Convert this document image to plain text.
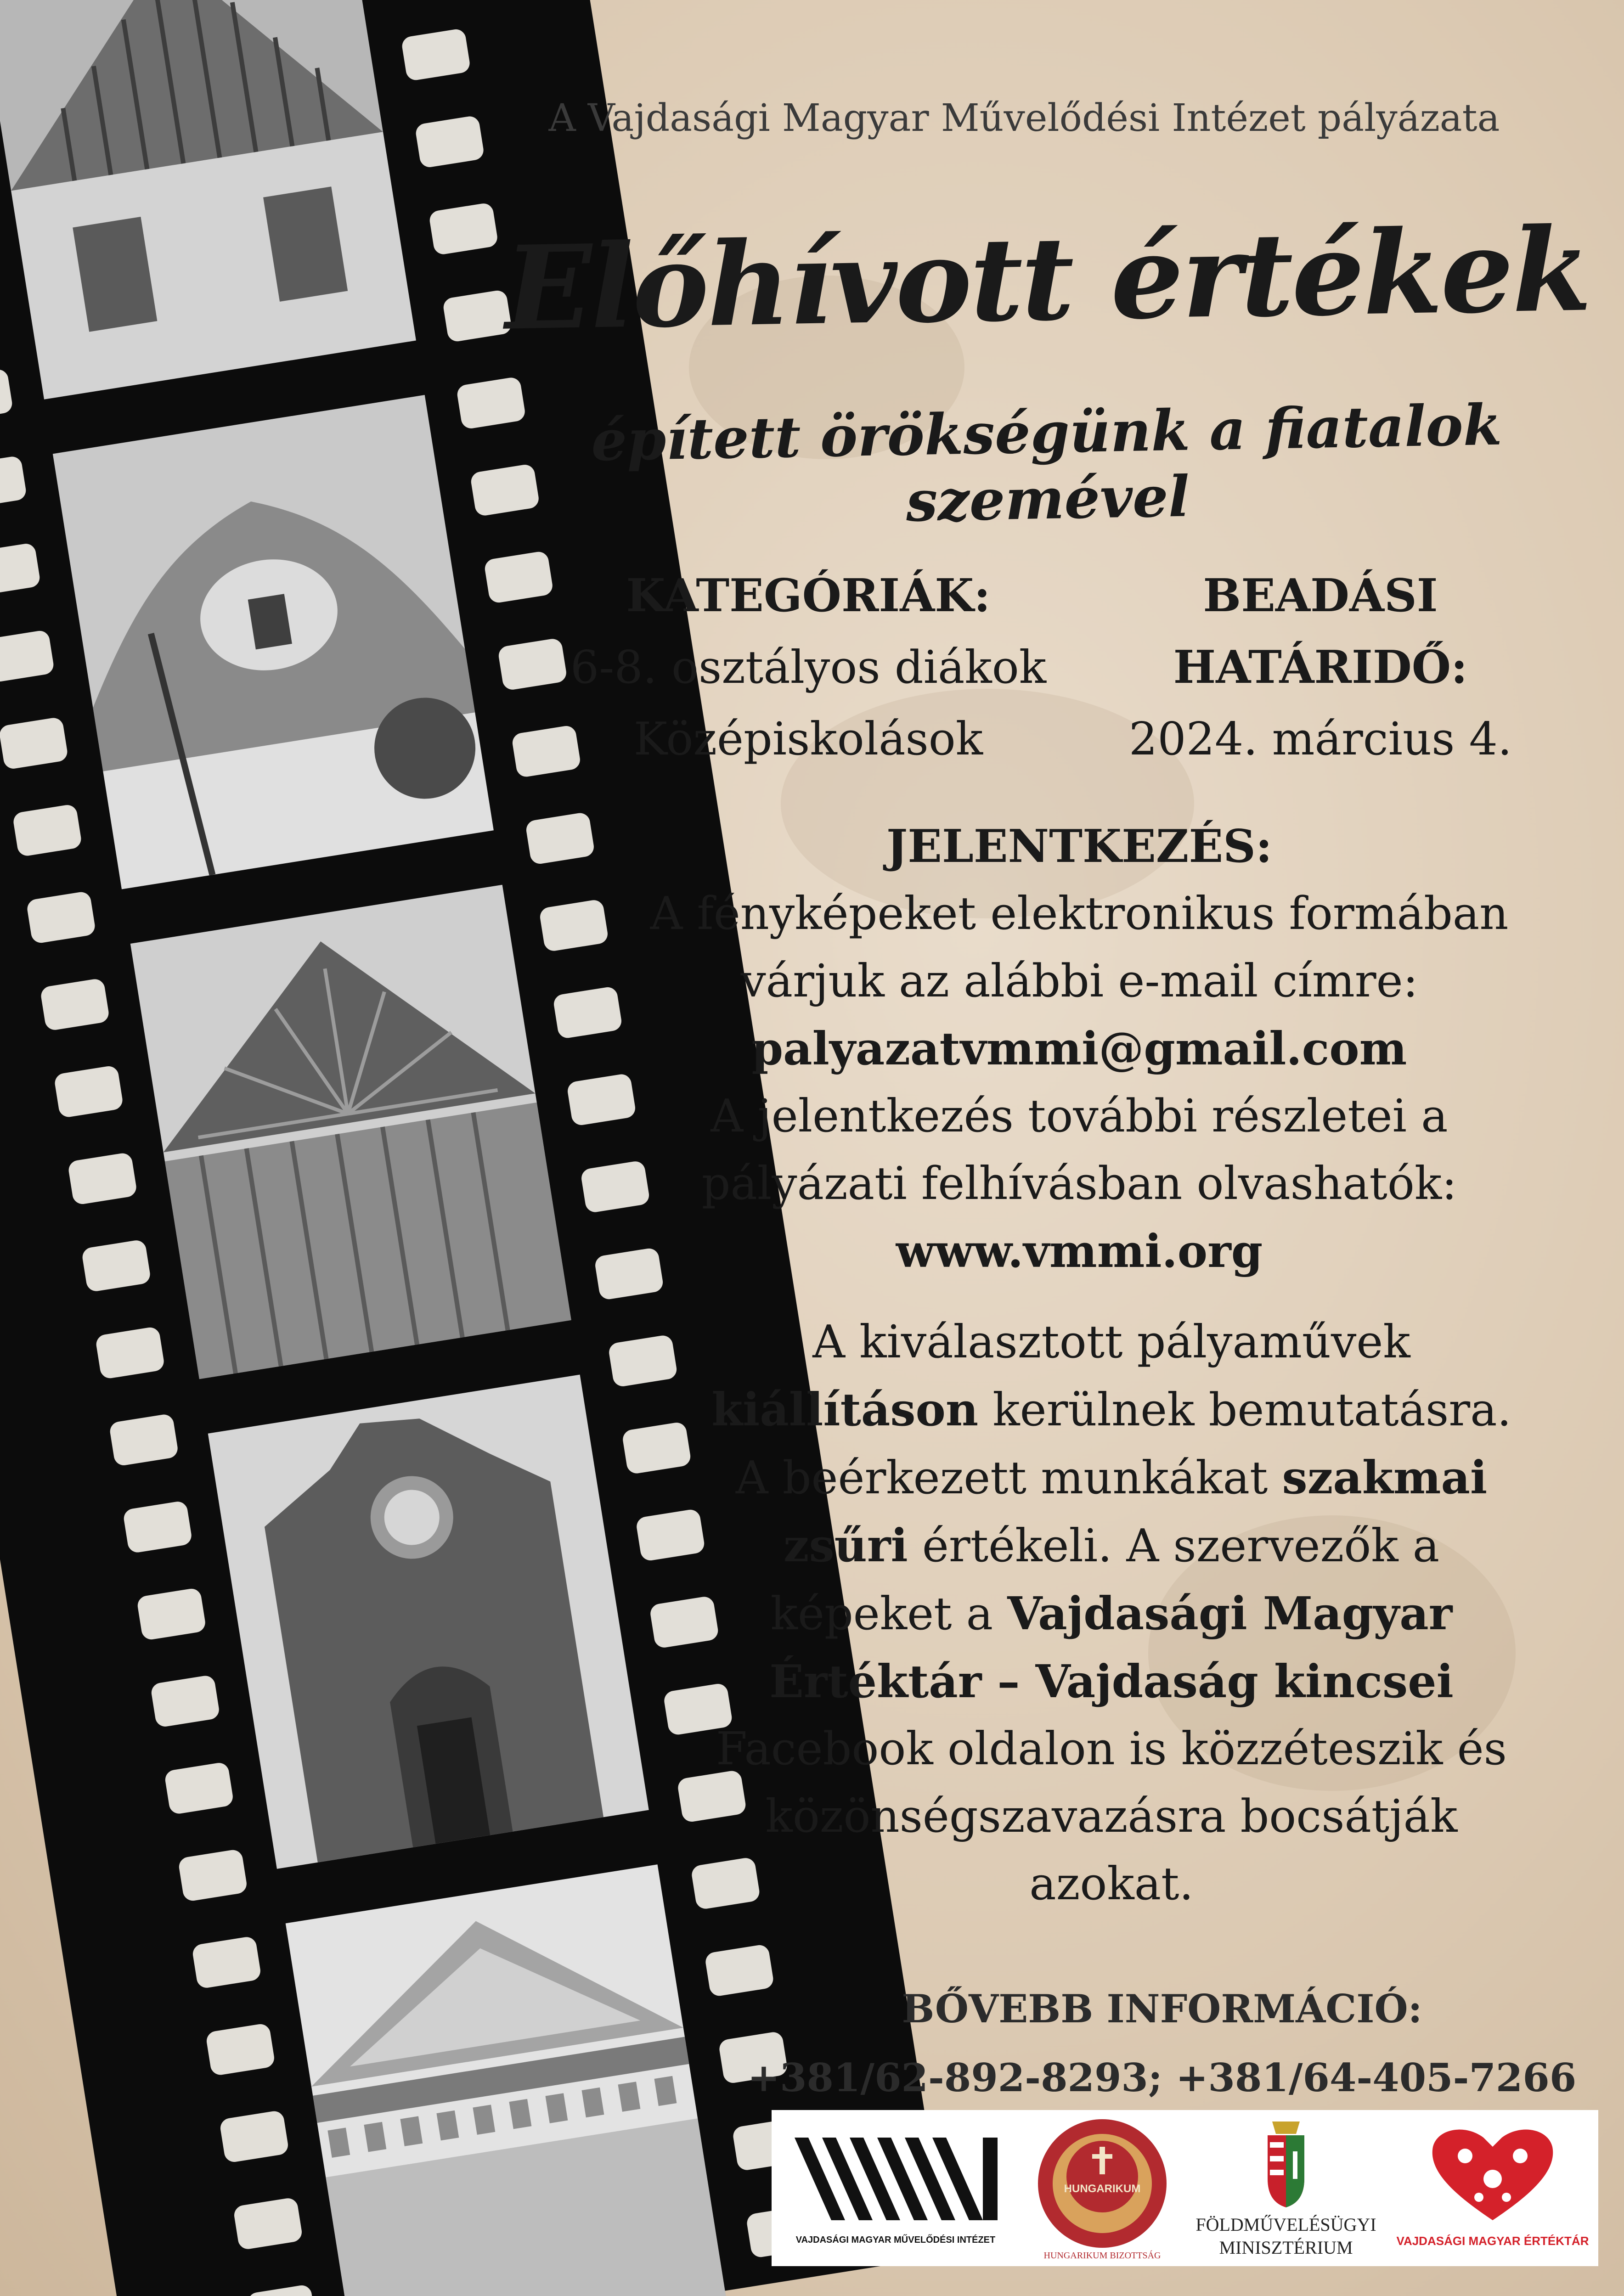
A Vajdasági Magyar Művelődési Intézet pályázata
Előhívott értékek
épített örökségünk a fiatalok szemével
KATEGÓRIÁK:
6-8. osztályos diákok
Középiskolások
BEADÁSI
HATÁRIDŐ:
2024. március 4.
JELENTKEZÉS:
A fényképeket elektronikus formában
várjuk az alábbi e-mail címre:
palyazatvmmi@gmail.com
A jelentkezés további részletei a
pályázati felhívásban olvashatók:
www.vmmi.org
A kiválasztott pályaművek
kiállításon kerülnek bemutatásra.
A beérkezett munkákat szakmai
zsűri értékeli. A szervezők a
képeket a Vajdasági Magyar
Értéktár – Vajdaság kincsei
Facebook oldalon is közzéteszik és
közönségszavazásra bocsátják
azokat.
BŐVEBB INFORMÁCIÓ:
+381/62-892-8293; +381/64-405-7266
VAJDASÁGI MAGYAR MŰVELŐDÉSI INTÉZET
HUNGARIKUM
HUNGARIKUM BIZOTTSÁG
FÖLDMŰVELÉSÜGYI
MINISZTÉRIUM	VAJDASÁGI MAGYAR ÉRTÉKTÁR
